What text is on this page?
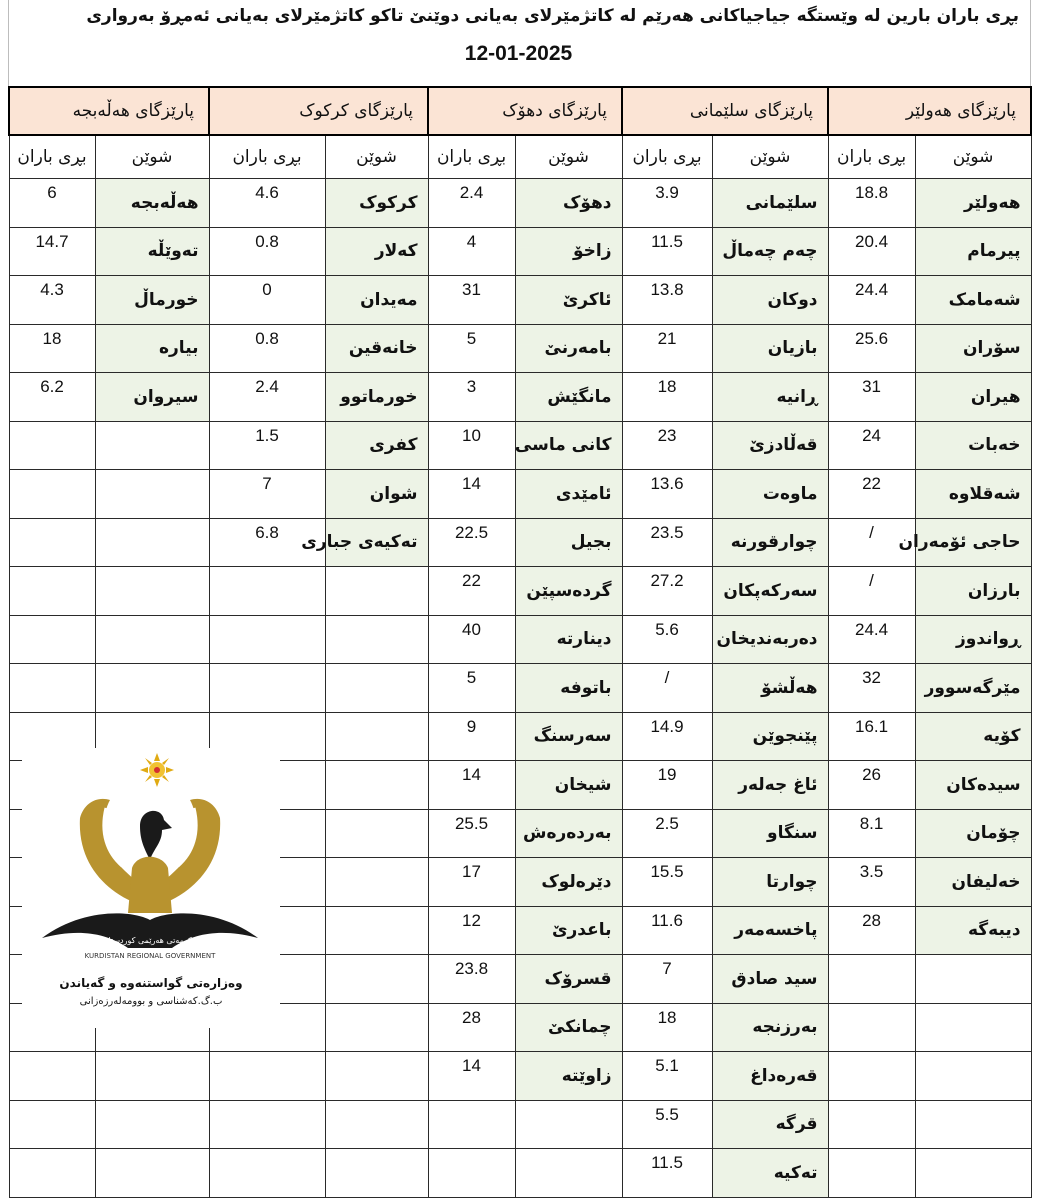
بڕی باران بارین لە وێستگە جیاجیاکانی هەرێم لە کاتژمێرلای بەیانی دوێنێ تاکو کاتژمێرلای بەیانی ئەمڕۆ بەرواری
12-01-2025
پارێزگای هەولێر		پارێزگای سلێمانی		پارێزگای دهۆک		پارێزگای کرکوک		پارێزگای هەڵەبجە	
شوێن	بڕی باران	شوێن	بڕی باران	شوێن	بڕی باران	شوێن	بڕی باران	شوێن	بڕی باران
هەولێر	18.8	سلێمانی	3.9	دهۆک	2.4	کرکوک	4.6	هەڵەبجە	6
پیرمام	20.4	چەم چەماڵ	11.5	زاخۆ	4	کەلار	0.8	تەوێڵە	14.7
شەمامک	24.4	دوکان	13.8	ئاکرێ	31	مەیدان	0	خورماڵ	4.3
سۆران	25.6	بازیان	21	بامەرنێ	5	خانەقین	0.8	بیارە	18
هیران	31	ڕانیە	18	مانگێش	3	خورماتوو	2.4	سیروان	6.2
خەبات	24	قەڵادزێ	23	کانی ماسی	10	کفری	1.5		
شەقلاوە	22	ماوەت	13.6	ئامێدی	14	شوان	7		
حاجی ئۆمەران	/	چوارقورنە	23.5	بجیل	22.5	تەکیەی جباری	6.8		
بارزان	/	سەرکەپکان	27.2	گردەسپێن	22				
ڕواندوز	24.4	دەربەندیخان	5.6	دینارتە	40				
مێرگەسوور	32	هەڵشۆ	/	باتوفە	5				
کۆیە	16.1	پێنجوێن	14.9	سەرسنگ	9				
سیدەکان	26	ئاغ جەلەر	19	شیخان	14				
چۆمان	8.1	سنگاو	2.5	بەردەرەش	25.5				
خەلیفان	3.5	چوارتا	15.5	دێرەلوک	17				
دیبەگە	28	پاخسەمەر	11.6	باعدرێ	12				
		سید صادق	7	قسرۆک	23.8				
		بەرزنجە	18	چمانکێ	28				
		قەرەداغ	5.1	زاوێتە	14				
		قرگە	5.5						
		تەکیە	11.5						
حکومەتی هەرێمی کوردستان
KURDISTAN REGIONAL GOVERNMENT
وەزارەتی گواستنەوە و گەیاندن
ب.گ.کەشناسی و بوومەلەرزەزانی
